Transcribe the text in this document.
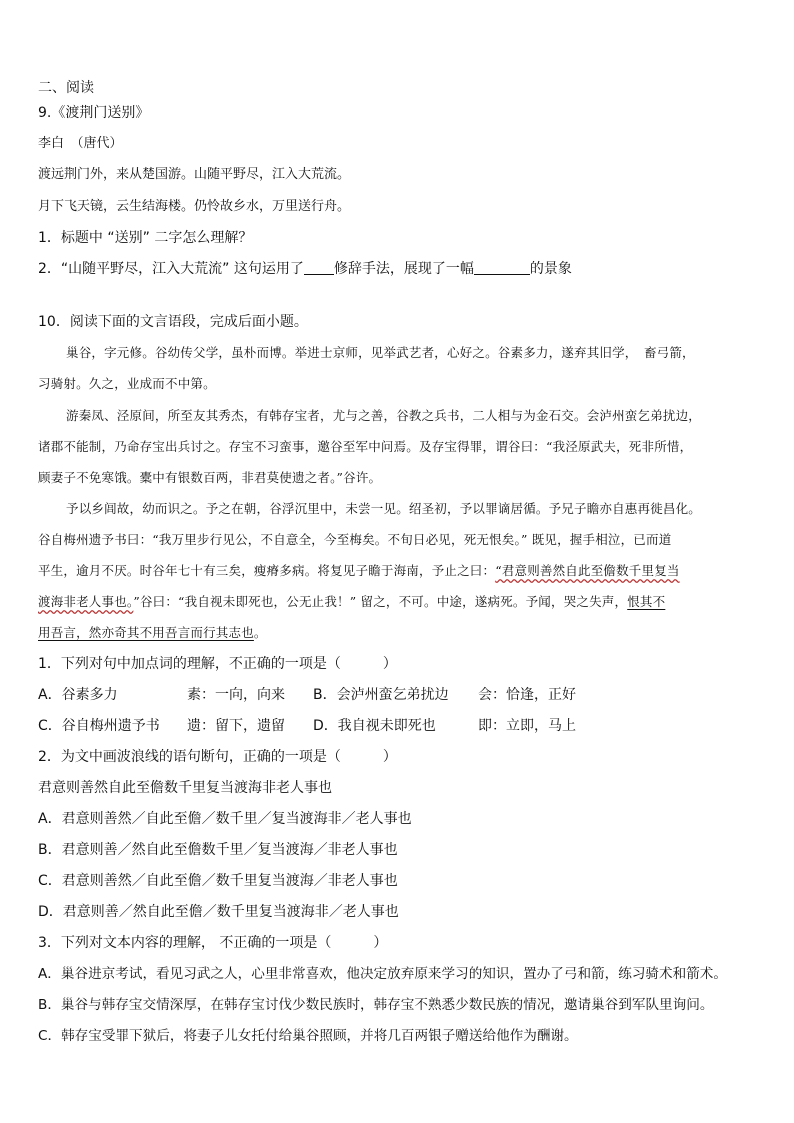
二、阅读
9.《渡荆门送别》
李白　（唐代）
渡远荆门外，来从楚国游。山随平野尽，江入大荒流。
月下飞天镜，云生结海楼。仍怜故乡水，万里送行舟。
1．标题中 “送别” 二字怎么理解？
2．“山随平野尽，江入大荒流” 这句运用了 修辞手法，展现了一幅	的景象
10．阅读下面的文言语段，完成后面小题。
巢谷，字元修。谷幼传父学，虽朴而博。举进士京师，见举武艺者，心好之。谷素多力，遂弃其旧学，　畜弓箭，
习骑射。久之，业成而不中第。
游秦凤、泾原间，所至友其秀杰，有韩存宝者，尤与之善，谷教之兵书，二人相与为金石交。会泸州蛮乞弟扰边，
诸郡不能制，乃命存宝出兵讨之。存宝不习蛮事，邀谷至军中问焉。及存宝得罪，谓谷曰：“我泾原武夫，死非所惜，
顾妻子不免寒饿。橐中有银数百两，非君莫使遗之者。”谷许。
予以乡闾故，幼而识之。予之在朝，谷浮沉里中，未尝一见。绍圣初，予以罪谪居循。予兄子瞻亦自惠再徙昌化。
谷自梅州遗予书曰：“我万里步行见公，不自意全，今至梅矣。不旬日必见，死无恨矣。” 既见，握手相泣，已而道
平生，逾月不厌。时谷年七十有三矣，瘦瘠多病。将复见子瞻于海南，予止之曰：“君意则善然自此至儋数千里复当
渡海非老人事也。”谷曰：“我自视未即死也，公无止我！” 留之，不可。中途，遂病死。予闻，哭之失声，恨其不
用吾言，然亦奇其不用吾言而行其志也。
1．下列对句中加点词的理解，不正确的一项是（　　　）
A．谷素多力	素：一向，向来 B．会泸州蛮乞弟扰边 会：恰逢，正好
C．谷自梅州遗予书 遗：留下，遗留 D．我自视未即死也	即：立即，马上
2．为文中画波浪线的语句断句，正确的一项是（　　　）
君意则善然自此至儋数千里复当渡海非老人事也
A．君意则善然／自此至儋／数千里／复当渡海非／老人事也
B．君意则善／然自此至儋数千里／复当渡海／非老人事也
C．君意则善然／自此至儋／数千里复当渡海／非老人事也
D．君意则善／然自此至儋／数千里复当渡海非／老人事也
3．下列对文本内容的理解， 不正确的一项是（　　　）
A．巢谷进京考试，看见习武之人，心里非常喜欢，他决定放弃原来学习的知识，置办了弓和箭，练习骑术和箭术。
B．巢谷与韩存宝交情深厚，在韩存宝讨伐少数民族时，韩存宝不熟悉少数民族的情况，邀请巢谷到军队里询问。
C．韩存宝受罪下狱后，将妻子儿女托付给巢谷照顾，并将几百两银子赠送给他作为酬谢。
